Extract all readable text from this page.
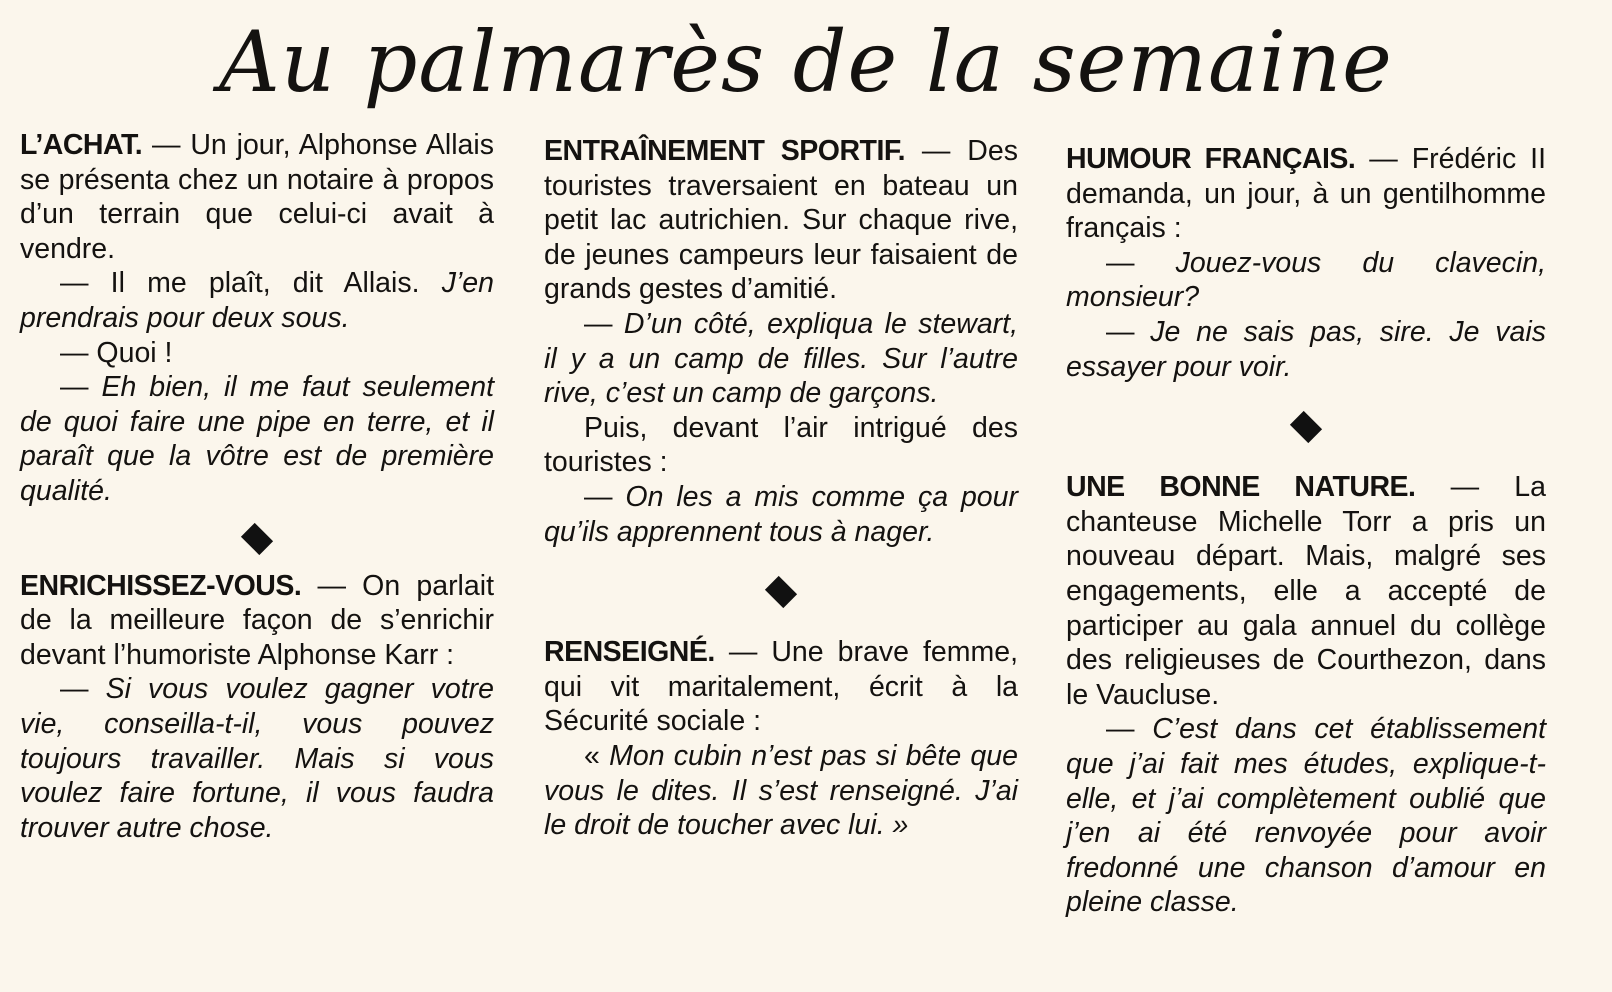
Au palmarès de la semaine

L’ACHAT. — Un jour, Alphonse Allais se présenta chez un notaire à propos d’un terrain que celui-ci avait à vendre.

— Il me plaît, dit Allais. J’en prendrais pour deux sous.

— Quoi !

— Eh bien, il me faut seulement de quoi faire une pipe en terre, et il paraît que la vôtre est de première qualité.

ENRICHISSEZ-VOUS. — On parlait de la meilleure façon de s’enrichir devant l’humoriste Alphonse Karr :

— Si vous voulez gagner votre vie, conseilla-t-il, vous pouvez toujours travailler. Mais si vous voulez faire fortune, il vous faudra trouver autre chose.

ENTRAÎNEMENT SPORTIF. — Des touristes traversaient en bateau un petit lac autrichien. Sur chaque rive, de jeunes campeurs leur faisaient de grands gestes d’amitié.

— D’un côté, expliqua le stewart, il y a un camp de filles. Sur l’autre rive, c’est un camp de garçons.

Puis, devant l’air intrigué des touristes :

— On les a mis comme ça pour qu’ils apprennent tous à nager.

RENSEIGNÉ. — Une brave femme, qui vit maritalement, écrit à la Sécurité sociale :

« Mon cubin n’est pas si bête que vous le dites. Il s’est renseigné. J’ai le droit de toucher avec lui. »

HUMOUR FRANÇAIS. — Frédéric II demanda, un jour, à un gentilhomme français :

— Jouez-vous du clavecin, monsieur?

— Je ne sais pas, sire. Je vais essayer pour voir.

UNE BONNE NATURE. — La chanteuse Michelle Torr a pris un nouveau départ. Mais, malgré ses engagements, elle a accepté de participer au gala annuel du collège des religieuses de Courthezon, dans le Vaucluse.

— C’est dans cet établissement que j’ai fait mes études, explique-t-elle, et j’ai complètement oublié que j’en ai été renvoyée pour avoir fredonné une chanson d’amour en pleine classe.
